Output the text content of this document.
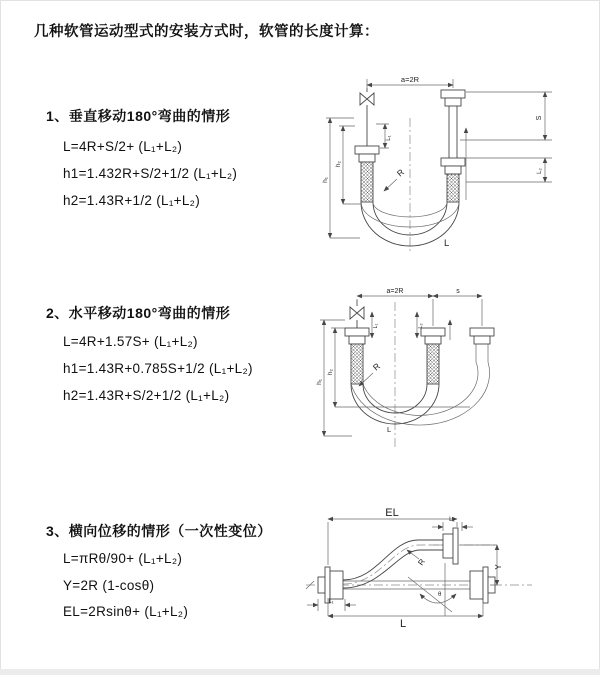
几种软管运动型式的安装方式时，软管的长度计算：
1、垂直移动180°弯曲的情形
L=4R+S/2+ (L₁+L₂)
h1=1.432R+S/2+1/2 (L₁+L₂)
h2=1.43R+1/2 (L₁+L₂)
2、水平移动180°弯曲的情形
L=4R+1.57S+ (L₁+L₂)
h1=1.43R+0.785S+1/2 (L₁+L₂)
h2=1.43R+S/2+1/2 (L₁+L₂)
3、横向位移的情形（一次性变位）
L=πRθ/90+ (L₁+L₂)
Y=2R (1-cosθ)
EL=2Rsinθ+ (L₁+L₂)
a=2R
h₁
h₂
L₁
S
L₂
R
L
a=2R	s
h₁
h₂
L₁	L₂
R
L
θ
R
EL
L₂
Y
L
L₁
